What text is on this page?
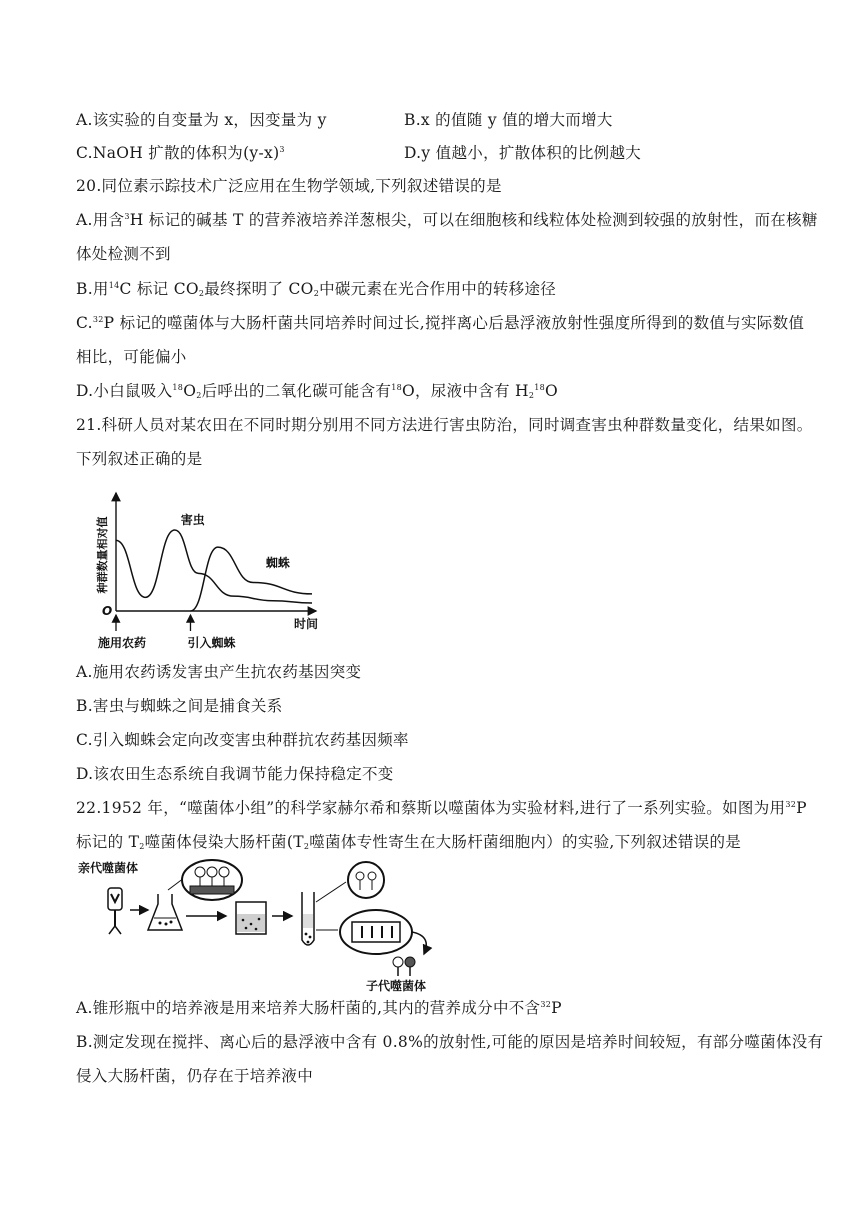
A.该实验的自变量为 x，因变量为 y	B.x 的值随 y 值的增大而增大
C.NaOH 扩散的体积为$(y-x)^3$	D.y 值越小，扩散体积的比例越大
20.同位素示踪技术广泛应用在生物学领域,下列叙述错误的是
A.用含$^3$H 标记的碱基 T 的营养液培养洋葱根尖，可以在细胞核和线粒体处检测到较强的放射性，而在核糖
体处检测不到
B.用$^{14}$C 标记 $CO_2$最终探明了 $CO_2$中碳元素在光合作用中的转移途径
C.$^{32}$P 标记的噬菌体与大肠杆菌共同培养时间过长,搅拌离心后悬浮液放射性强度所得到的数值与实际数值
相比，可能偏小
D.小白鼠吸入$^{18}O_2$后呼出的二氧化碳可能含有$^{18}$O，尿液中含有 $H_2^{18}O$
21.科研人员对某农田在不同时期分别用不同方法进行害虫防治，同时调查害虫种群数量变化，结果如图。
下列叙述正确的是
O
时间
种群数量相对值	害虫
蜘蛛
施用农药	引入蜘蛛
A.施用农药诱发害虫产生抗农药基因突变
B.害虫与蜘蛛之间是捕食关系
C.引入蜘蛛会定向改变害虫种群抗农药基因频率
D.该农田生态系统自我调节能力保持稳定不变
22.1952 年，“噬菌体小组”的科学家赫尔希和蔡斯以噬菌体为实验材料,进行了一系列实验。如图为用$^{32}$P
标记的 $T_2$噬菌体侵染大肠杆菌($T_2$噬菌体专性寄生在大肠杆菌细胞内）的实验,下列叙述错误的是
亲代噬菌体
子代噬菌体
A.锥形瓶中的培养液是用来培养大肠杆菌的,其内的营养成分中不含$^{32}$P
B.测定发现在搅拌、离心后的悬浮液中含有 0.8%的放射性,可能的原因是培养时间较短，有部分噬菌体没有
侵入大肠杆菌，仍存在于培养液中
